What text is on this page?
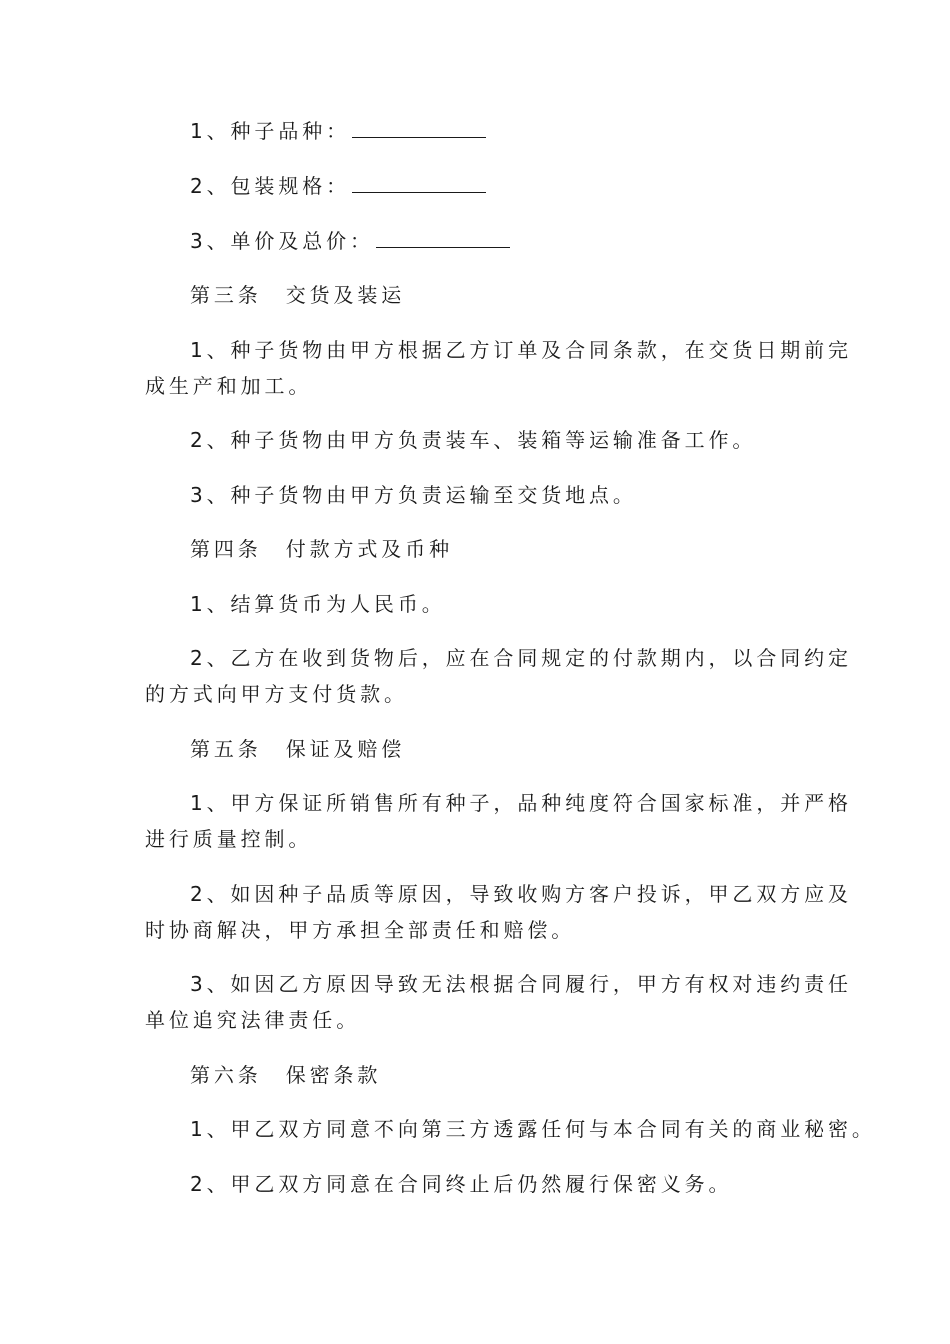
1、种子品种：
2、包装规格：
3、单价及总价：
第三条 交货及装运
1、种子货物由甲方根据乙方订单及合同条款，在交货日期前完
成生产和加工。
2、种子货物由甲方负责装车、装箱等运输准备工作。
3、种子货物由甲方负责运输至交货地点。
第四条 付款方式及币种
1、结算货币为人民币。
2、乙方在收到货物后，应在合同规定的付款期内，以合同约定
的方式向甲方支付货款。
第五条 保证及赔偿
1、甲方保证所销售所有种子，品种纯度符合国家标准，并严格
进行质量控制。
2、如因种子品质等原因，导致收购方客户投诉，甲乙双方应及
时协商解决，甲方承担全部责任和赔偿。
3、如因乙方原因导致无法根据合同履行，甲方有权对违约责任
单位追究法律责任。
第六条 保密条款
1、甲乙双方同意不向第三方透露任何与本合同有关的商业秘密。
2、甲乙双方同意在合同终止后仍然履行保密义务。
